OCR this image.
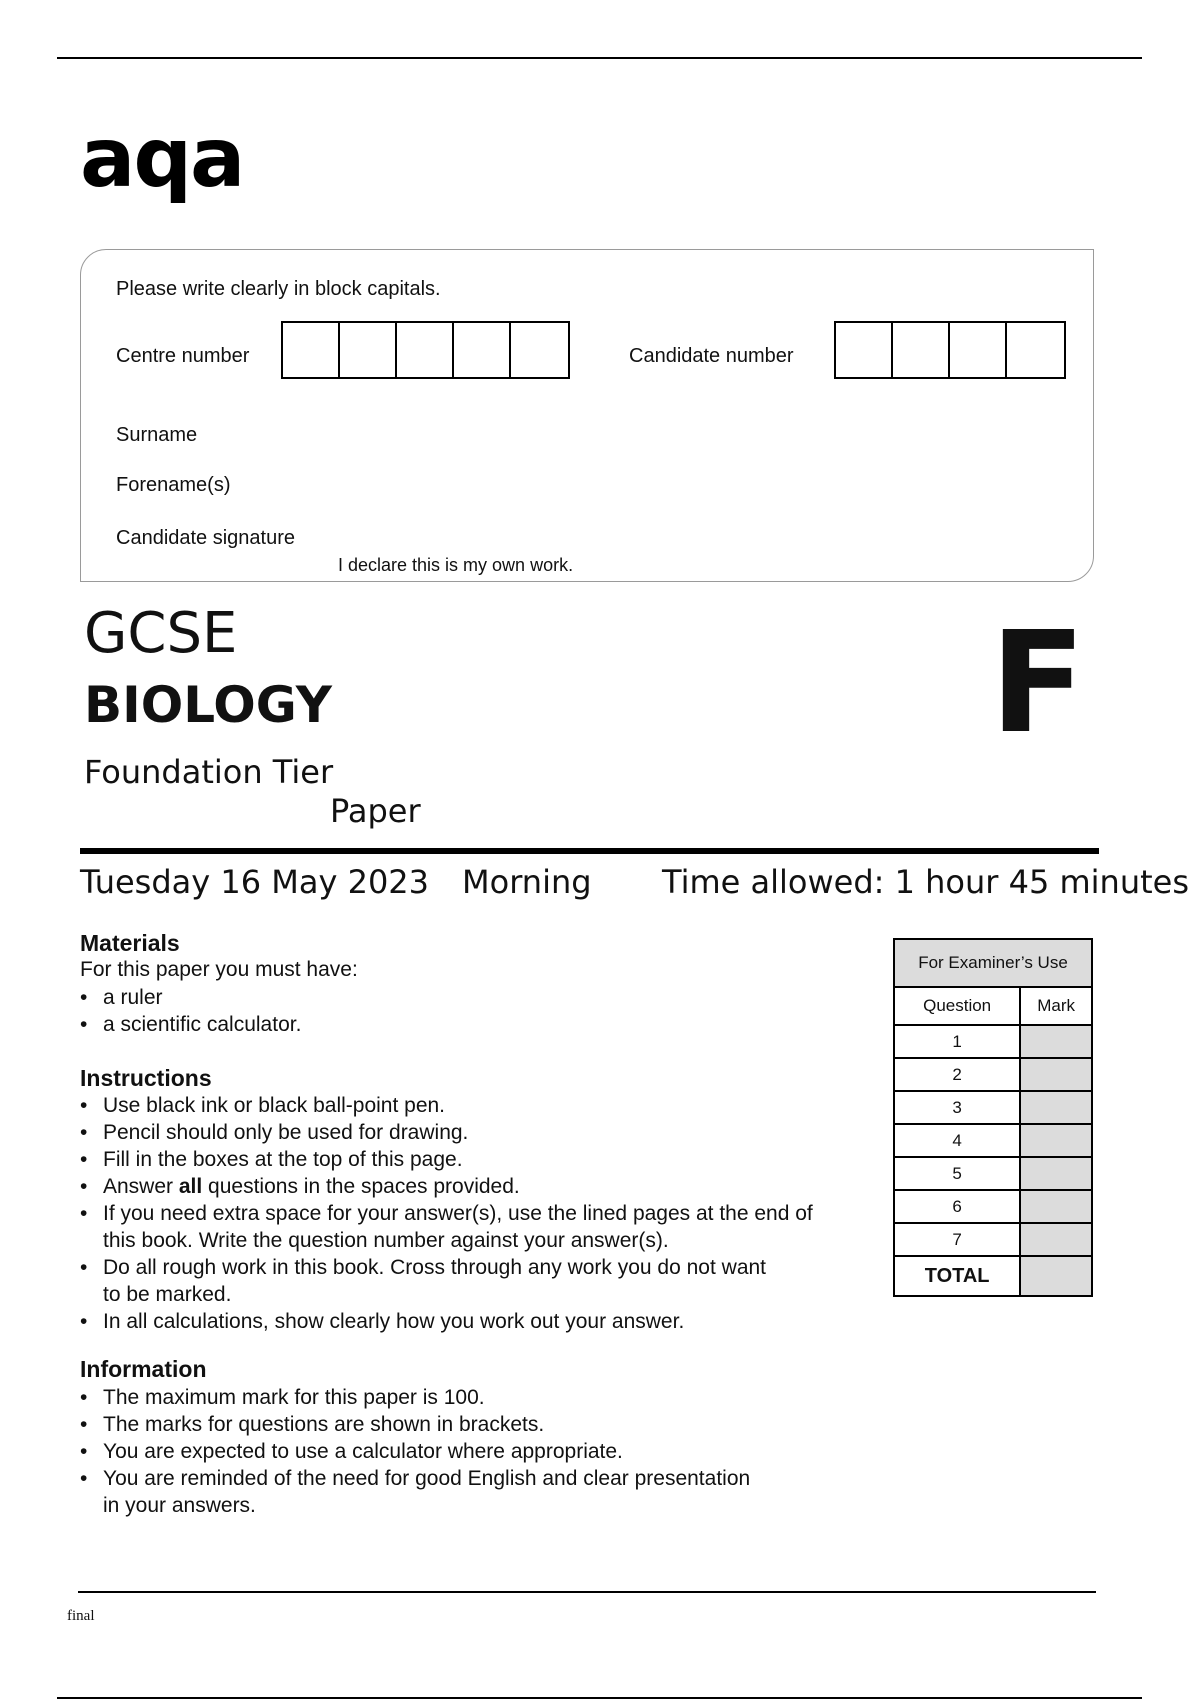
aqa
Please write clearly in block capitals.
Centre number	Candidate number
Surname
Forename(s)
Candidate signature
I declare this is my own work.
GCSE
BIOLOGY
Foundation Tier
Paper
F
Tuesday 16 May 2023 Morning Time allowed: 1 hour 45 minutes
Materials
For this paper you must have:
• a ruler
• a scientific calculator.
Instructions
• Use black ink or black ball-point pen.
• Pencil should only be used for drawing.
• Fill in the boxes at the top of this page.
• Answer all questions in the spaces provided.
• If you need extra space for your answer(s), use the lined pages at the end of
this book. Write the question number against your answer(s).
• Do all rough work in this book. Cross through any work you do not want
to be marked.
• In all calculations, show clearly how you work out your answer.
Information
• The maximum mark for this paper is 100.
• The marks for questions are shown in brackets.
• You are expected to use a calculator where appropriate.
• You are reminded of the need for good English and clear presentation
in your answers.
For Examiner’s Use	
Question	Mark
1	
2	
3	
4	
5	
6	
7	
TOTAL	
final
